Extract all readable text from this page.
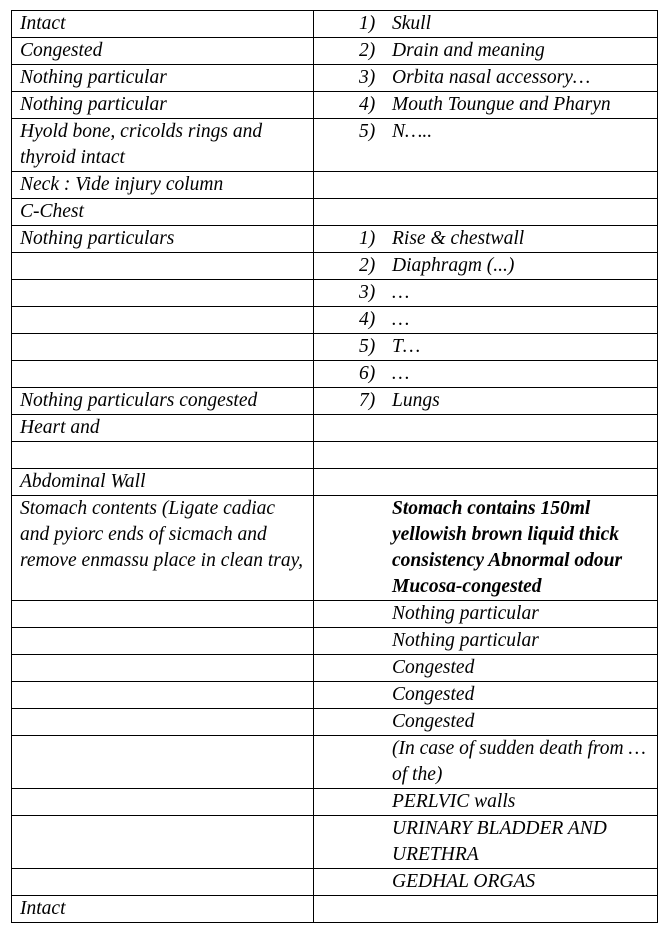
Intact	1) Skull

Congested	2) Drain and meaning

Nothing particular	3) Orbita nasal accessory…

Nothing particular	4) Mouth Toungue and Pharyn

Hyold bone, cricolds rings and thyroid intact	5) N…..

Neck : Vide injury column	

C-Chest	

Nothing particulars	1) Rise & chestwall

	2) Diaphragm (...)

	3) …

	4) …

	5) T…

	6) …

Nothing particulars congested	7) Lungs

Heart and	

Abdominal Wall	

Stomach contents (Ligate cadiac and pyiorc ends of sicmach and remove enmassu place in clean tray,	Stomach contains 150ml yellowish brown liquid thick consistency Abnormal odour Mucosa-congested
	Nothing particular
	Nothing particular
	Congested
	Congested
	Congested
	(In case of sudden death from …of the)
	PERLVIC walls
	URINARY BLADDER AND URETHRA
	GEDHAL ORGAS
Intact	
